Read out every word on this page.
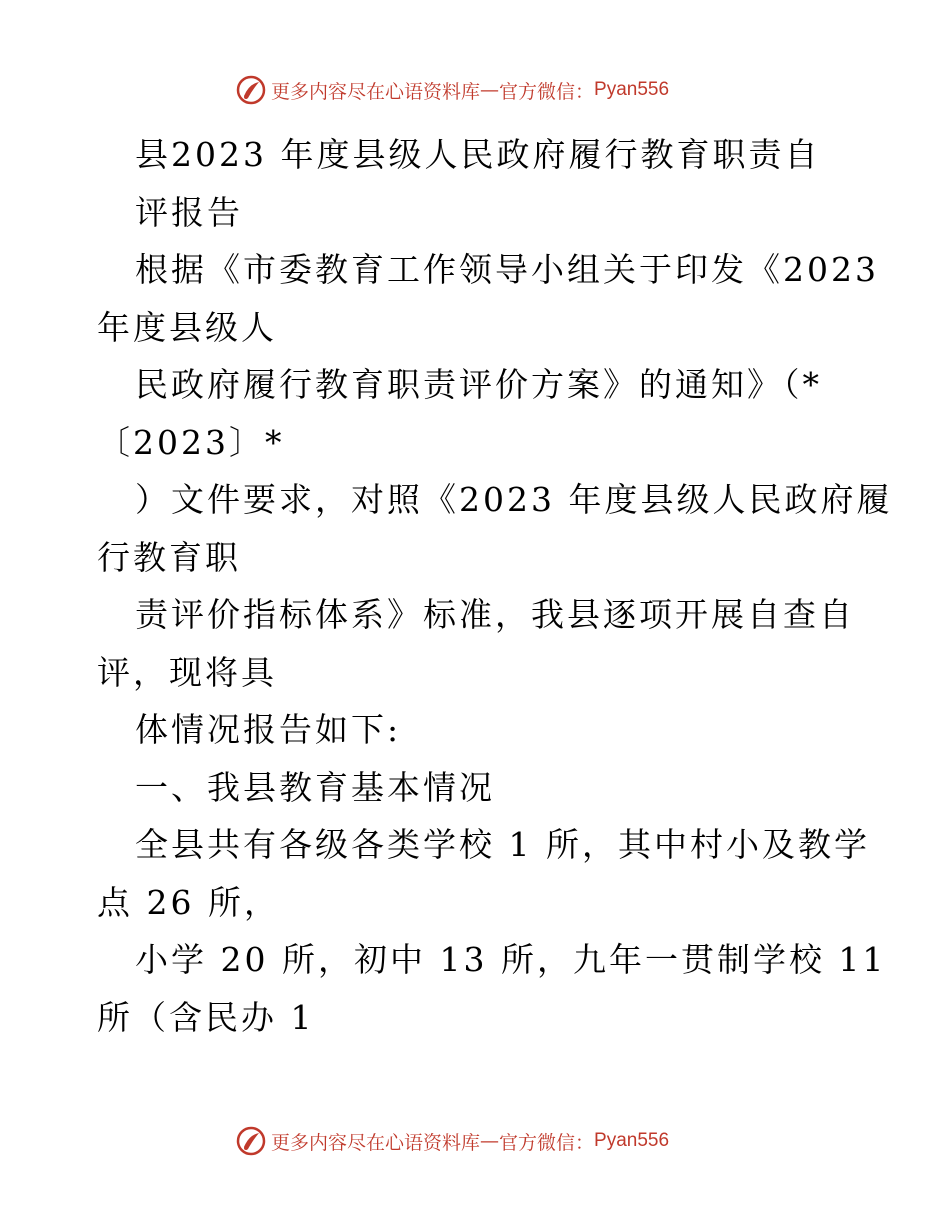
更多内容尽在心语资料库 — 官方微信： Pyan556
县2023 年度县级人民政府履行教育职责自
评报告
根据《市委教育工作领导小组关于印发《2023
年度县级人
民政府履行教育职责评价方案》的通知》（*
〔2023〕*
）文件要求，对照《2023 年度县级人民政府履
行教育职
责评价指标体系》标准，我县逐项开展自查自
评，现将具
体情况报告如下:
一、我县教育基本情况
全县共有各级各类学校 1 所，其中村小及教学
点 26 所，
小学 20 所，初中 13 所，九年一贯制学校 11
所（含民办 1
更多内容尽在心语资料库 — 官方微信： Pyan556
